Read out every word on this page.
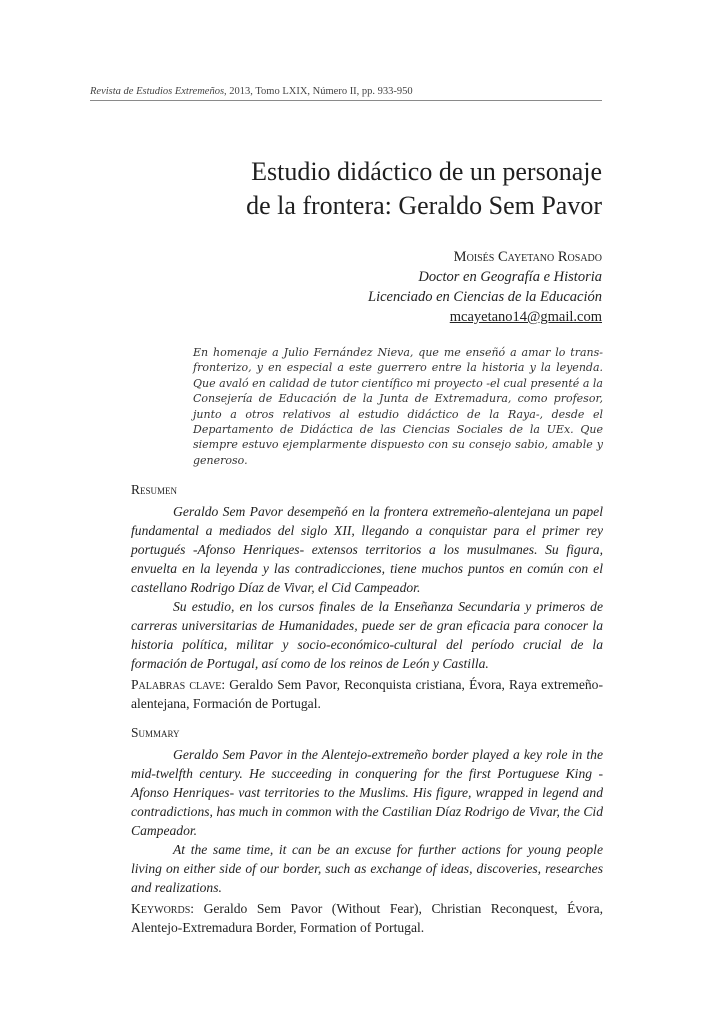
Revista de Estudios Extremeños, 2013, Tomo LXIX, Número II, pp. 933-950
Estudio didáctico de un personaje
de la frontera: Geraldo Sem Pavor
Moisés Cayetano Rosado
Doctor en Geografía e Historia
Licenciado en Ciencias de la Educación
mcayetano14@gmail.com
En homenaje a Julio Fernández Nieva, que me enseñó a amar lo trans-fronterizo, y en especial a este guerrero entre la historia y la leyenda. Que avaló en calidad de tutor científico mi proyecto -el cual presenté a la Consejería de Educación de la Junta de Extremadura, como profesor, junto a otros relativos al estudio didáctico de la Raya-, desde el Departamento de Didáctica de las Ciencias Sociales de la UEx. Que siempre estuvo ejemplarmente dispuesto con su consejo sabio, amable y generoso.
Resumen

Geraldo Sem Pavor desempeñó en la frontera extremeño-alentejana un papel fundamental a mediados del siglo XII, llegando a conquistar para el primer rey portugués -Afonso Henriques- extensos territorios a los musulmanes. Su figura, envuelta en la leyenda y las contradicciones, tiene muchos puntos en común con el castellano Rodrigo Díaz de Vivar, el Cid Campeador.

Su estudio, en los cursos finales de la Enseñanza Secundaria y primeros de carreras universitarias de Humanidades, puede ser de gran eficacia para conocer la historia política, militar y socio-económico-cultural del período crucial de la formación de Portugal, así como de los reinos de León y Castilla.

Palabras clave: Geraldo Sem Pavor, Reconquista cristiana, Évora, Raya extremeño-alentejana, Formación de Portugal.
Summary

Geraldo Sem Pavor in the Alentejo-extremeño border played a key role in the mid-twelfth century. He succeeding in conquering for the first Portuguese King -Afonso Henriques- vast territories to the Muslims. His figure, wrapped in legend and contradictions, has much in common with the Castilian Díaz Rodrigo de Vivar, the Cid Campeador.

At the same time, it can be an excuse for further actions for young people living on either side of our border, such as exchange of ideas, discoveries, researches and realizations.

Keywords: Geraldo Sem Pavor (Without Fear), Christian Reconquest, Évora, Alentejo-Extremadura Border, Formation of Portugal.
